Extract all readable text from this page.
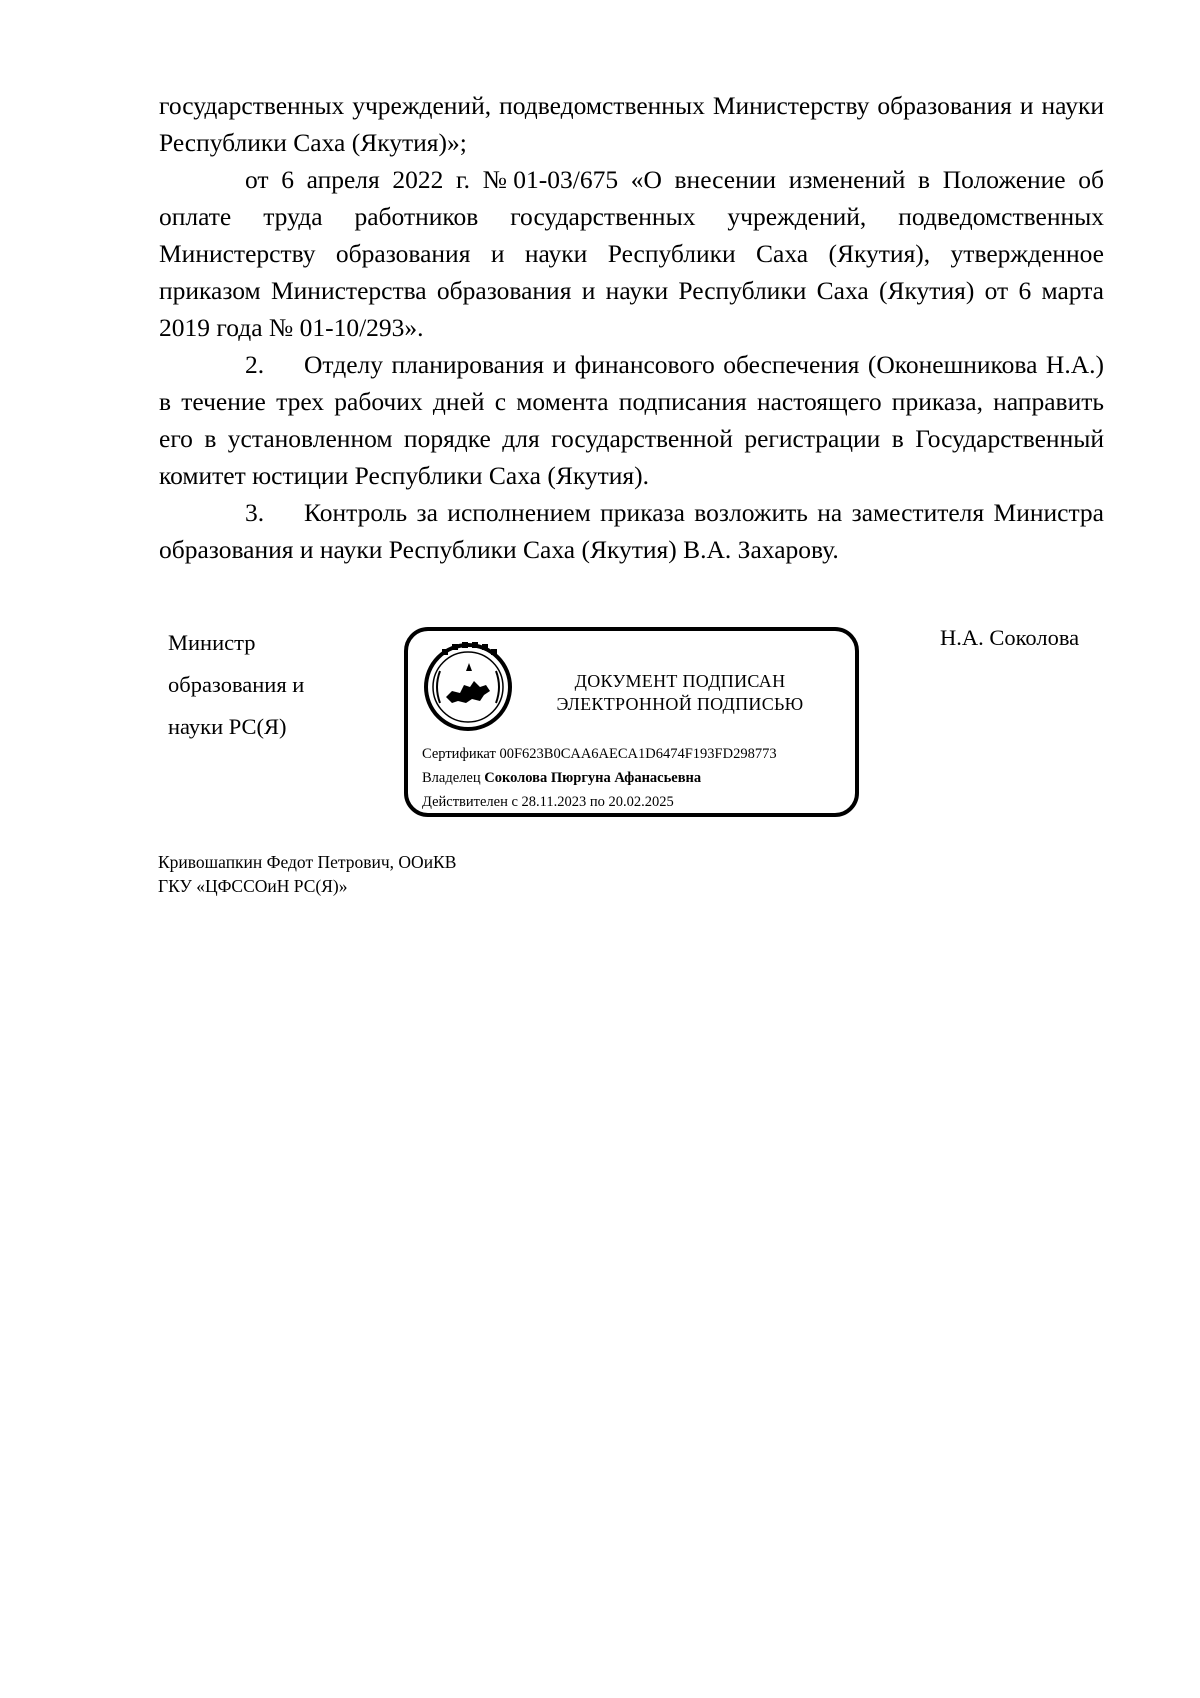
государственных учреждений, подведомственных Министерству образования и науки Республики Саха (Якутия)»;

от 6 апреля 2022 г. №01-03/675 «О внесении изменений в Положение об оплате труда работников государственных учреждений, подведомственных Министерству образования и науки Республики Саха (Якутия), утвержденное приказом Министерства образования и науки Республики Саха (Якутия) от 6 марта 2019 года № 01-10/293».

2. Отделу планирования и финансового обеспечения (Оконешникова Н.А.) в течение трех рабочих дней с момента подписания настоящего приказа, направить его в установленном порядке для государственной регистрации в Государственный комитет юстиции Республики Саха (Якутия).

3. Контроль за исполнением приказа возложить на заместителя Министра образования и науки Республики Саха (Якутия) В.А. Захарову.

Министр
образования и
науки РС(Я)
ДОКУМЕНТ ПОДПИСАН
ЭЛЕКТРОННОЙ ПОДПИСЬЮ
Сертификат 00F623B0CAA6AECA1D6474F193FD298773
Владелец Соколова Пюргуна Афанасьевна
Действителен с 28.11.2023 по 20.02.2025
Н.А. Соколова
Кривошапкин Федот Петрович, ООиКВ
ГКУ «ЦФССОиН РС(Я)»
